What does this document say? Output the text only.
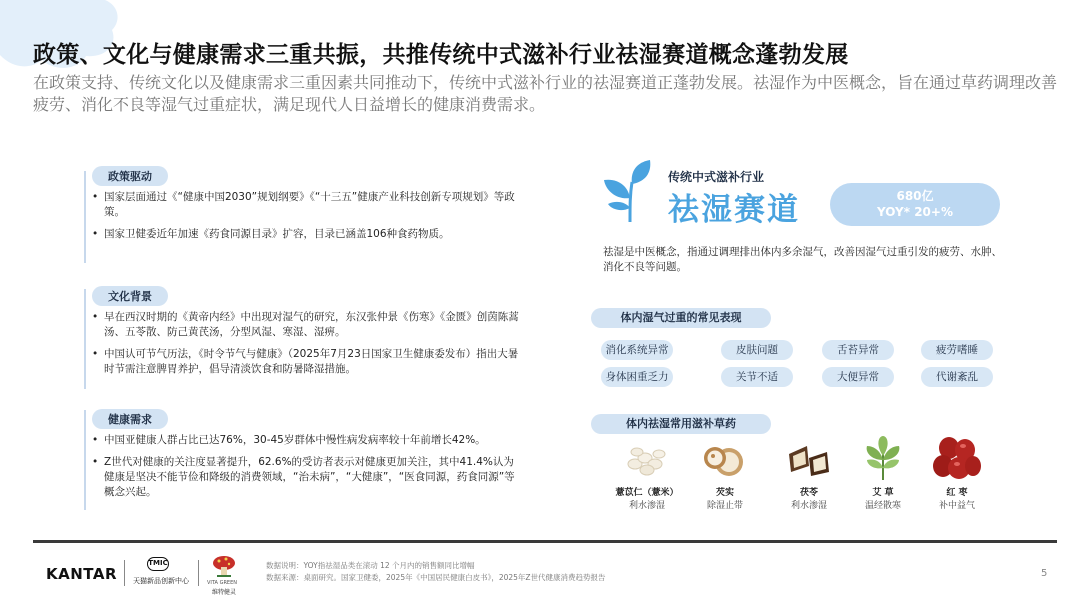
政策、文化与健康需求三重共振，共推传统中式滋补行业祛湿赛道概念蓬勃发展
在政策支持、传统文化以及健康需求三重因素共同推动下，传统中式滋补行业的祛湿赛道正蓬勃发展。祛湿作为中医概念，旨在通过草药调理改善疲劳、消化不良等湿气过重症状，满足现代人日益增长的健康消费需求。
政策驱动
• 国家层面通过《“健康中国2030”规划纲要》《“十三五”健康产业科技创新专项规划》等政策。
• 国家卫健委近年加速《药食同源目录》扩容，目录已涵盖106种食药物质。
文化背景
• 早在西汉时期的《黄帝内经》中出现对湿气的研究，东汉张仲景《伤寒》《金匮》创茵陈蒿汤、五苓散、防己黄芪汤，分型风湿、寒湿、湿痹。
• 中国认可节气历法，《时令节气与健康》（2025年7月23日国家卫生健康委发布）指出大暑时节需注意脾胃养护，倡导清淡饮食和防暑降湿措施。
健康需求
• 中国亚健康人群占比已达76%，30-45岁群体中慢性病发病率较十年前增长42%。
• Z世代对健康的关注度显著提升，62.6%的受访者表示对健康更加关注，其中41.4%认为健康是坚决不能节俭和降级的消费领域，“治未病”，“大健康”，“医食同源，药食同源”等概念兴起。
传统中式滋补行业
祛湿赛道	680亿
YOY* 20+%
祛湿是中医概念，指通过调理排出体内多余湿气，改善因湿气过重引发的疲劳、水肿、消化不良等问题。
体内湿气过重的常见表现
消化系统异常	皮肤问题	舌苔异常	疲劳嗜睡
身体困重乏力	关节不适	大便异常	代谢紊乱
体内祛湿常用滋补草药
薏苡仁（薏米）
利水渗湿
芡实
除湿止带
茯苓
利水渗湿
艾 草
温经散寒
红 枣
补中益气
KANTAR
TMIC
天猫新品创新中心	VITA GREEN
维特健灵
数据说明：YOY指祛湿品类在滚动 12 个月内的销售额同比增幅
数据来源：桌面研究。国家卫健委，2025年《中国居民健康白皮书》，2025年Z世代健康消费趋势报告	5
